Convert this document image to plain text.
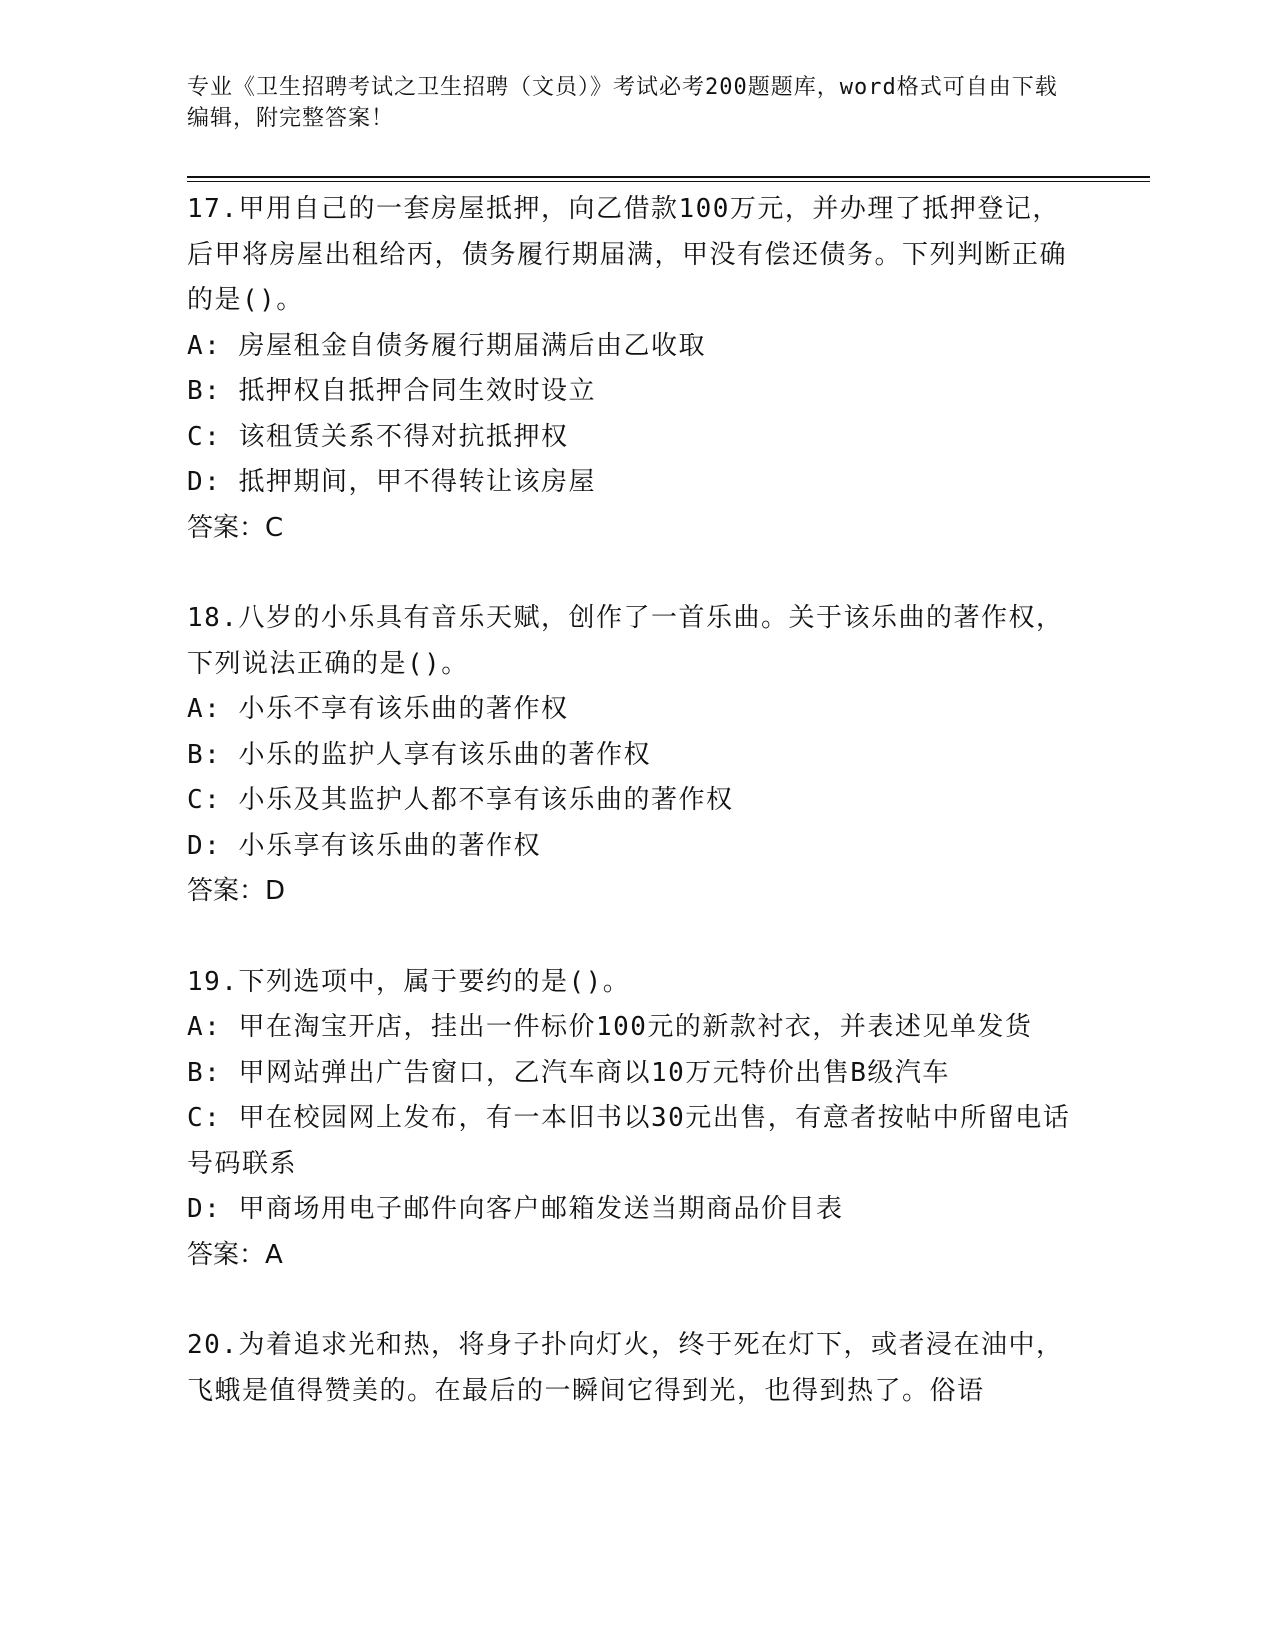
专业《卫生招聘考试之卫生招聘（文员）》考试必考200题题库，word格式可自由下载编辑，附完整答案！

17.甲用自己的一套房屋抵押，向乙借款100万元，并办理了抵押登记，后甲将房屋出租给丙，债务履行期届满，甲没有偿还债务。下列判断正确的是()。

A: 房屋租金自债务履行期届满后由乙收取

B: 抵押权自抵押合同生效时设立

C: 该租赁关系不得对抗抵押权

D: 抵押期间，甲不得转让该房屋

答案：C

18.八岁的小乐具有音乐天赋，创作了一首乐曲。关于该乐曲的著作权，下列说法正确的是()。

A: 小乐不享有该乐曲的著作权

B: 小乐的监护人享有该乐曲的著作权

C: 小乐及其监护人都不享有该乐曲的著作权

D: 小乐享有该乐曲的著作权

答案：D

19.下列选项中，属于要约的是()。

A: 甲在淘宝开店，挂出一件标价100元的新款衬衣，并表述见单发货

B: 甲网站弹出广告窗口，乙汽车商以10万元特价出售B级汽车

C: 甲在校园网上发布，有一本旧书以30元出售，有意者按帖中所留电话号码联系

D: 甲商场用电子邮件向客户邮箱发送当期商品价目表

答案：A

20.为着追求光和热，将身子扑向灯火，终于死在灯下，或者浸在油中，飞蛾是值得赞美的。在最后的一瞬间它得到光，也得到热了。俗语
